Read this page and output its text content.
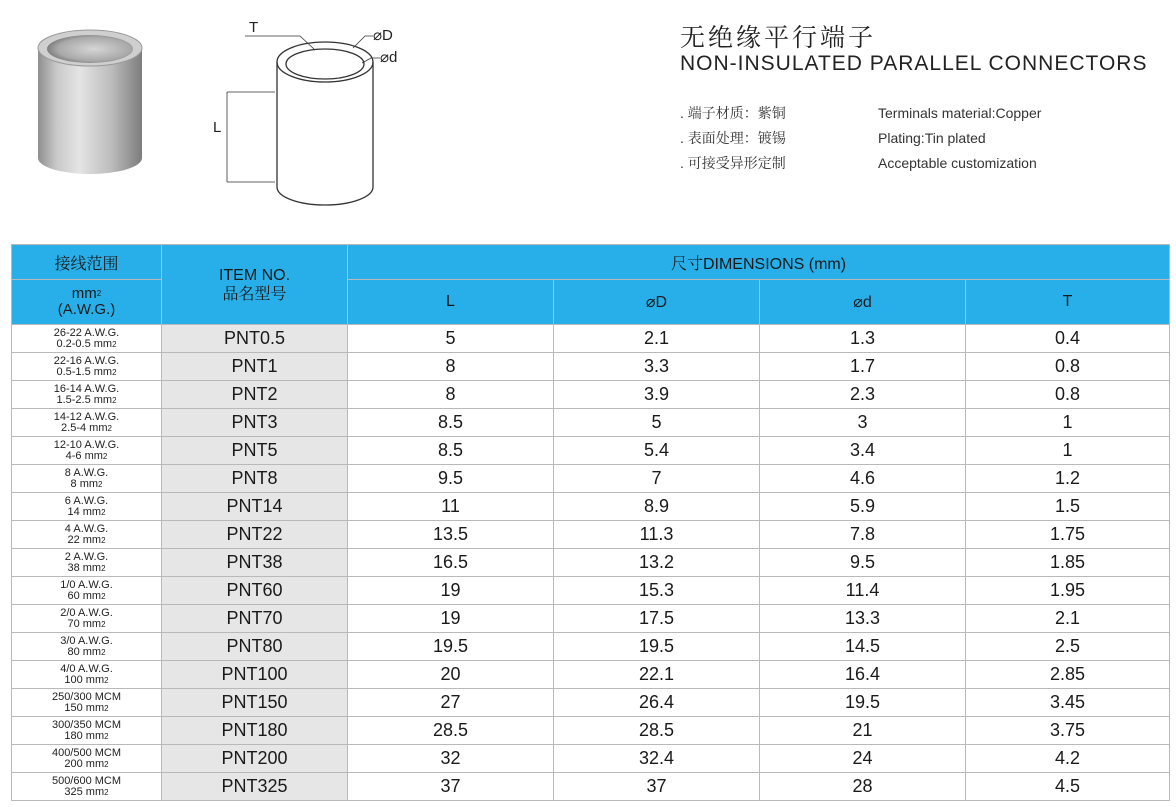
T	⌀D
⌀d
L
无绝缘平行端子
NON-INSULATED PARALLEL CONNECTORS
. 端子材质：紫铜	Terminals material:Copper
. 表面处理：镀锡	Plating:Tin plated
. 可接受异形定制	Acceptable customization
接线范围	ITEM NO.
品名型号	尺寸DIMENSIONS (mm)			

$mm^2$
(A.W.G.)		L	⌀D	⌀d	T

26-22 A.W.G.
0.2-0.5 $mm^2$	PNT0.5	5	2.1	1.3	0.4

22-16 A.W.G.
0.5-1.5 $mm^2$	PNT1	8	3.3	1.7	0.8

16-14 A.W.G.
1.5-2.5 $mm^2$	PNT2	8	3.9	2.3	0.8

14-12 A.W.G.
2.5-4 $mm^2$	PNT3	8.5	5	3	1

12-10 A.W.G.
4-6 $mm^2$	PNT5	8.5	5.4	3.4	1

8 A.W.G.
8 $mm^2$	PNT8	9.5	7	4.6	1.2

6 A.W.G.
14 $mm^2$	PNT14	11	8.9	5.9	1.5

4 A.W.G.
22 $mm^2$	PNT22	13.5	11.3	7.8	1.75

2 A.W.G.
38 $mm^2$	PNT38	16.5	13.2	9.5	1.85

1/0 A.W.G.
60 $mm^2$	PNT60	19	15.3	11.4	1.95

2/0 A.W.G.
70 $mm^2$	PNT70	19	17.5	13.3	2.1

3/0 A.W.G.
80 $mm^2$	PNT80	19.5	19.5	14.5	2.5

4/0 A.W.G.
100 $mm^2$	PNT100	20	22.1	16.4	2.85

250/300 MCM
150 $mm^2$	PNT150	27	26.4	19.5	3.45

300/350 MCM
180 $mm^2$	PNT180	28.5	28.5	21	3.75

400/500 MCM
200 $mm^2$	PNT200	32	32.4	24	4.2

500/600 MCM
325 $mm^2$	PNT325	37	37	28	4.5
